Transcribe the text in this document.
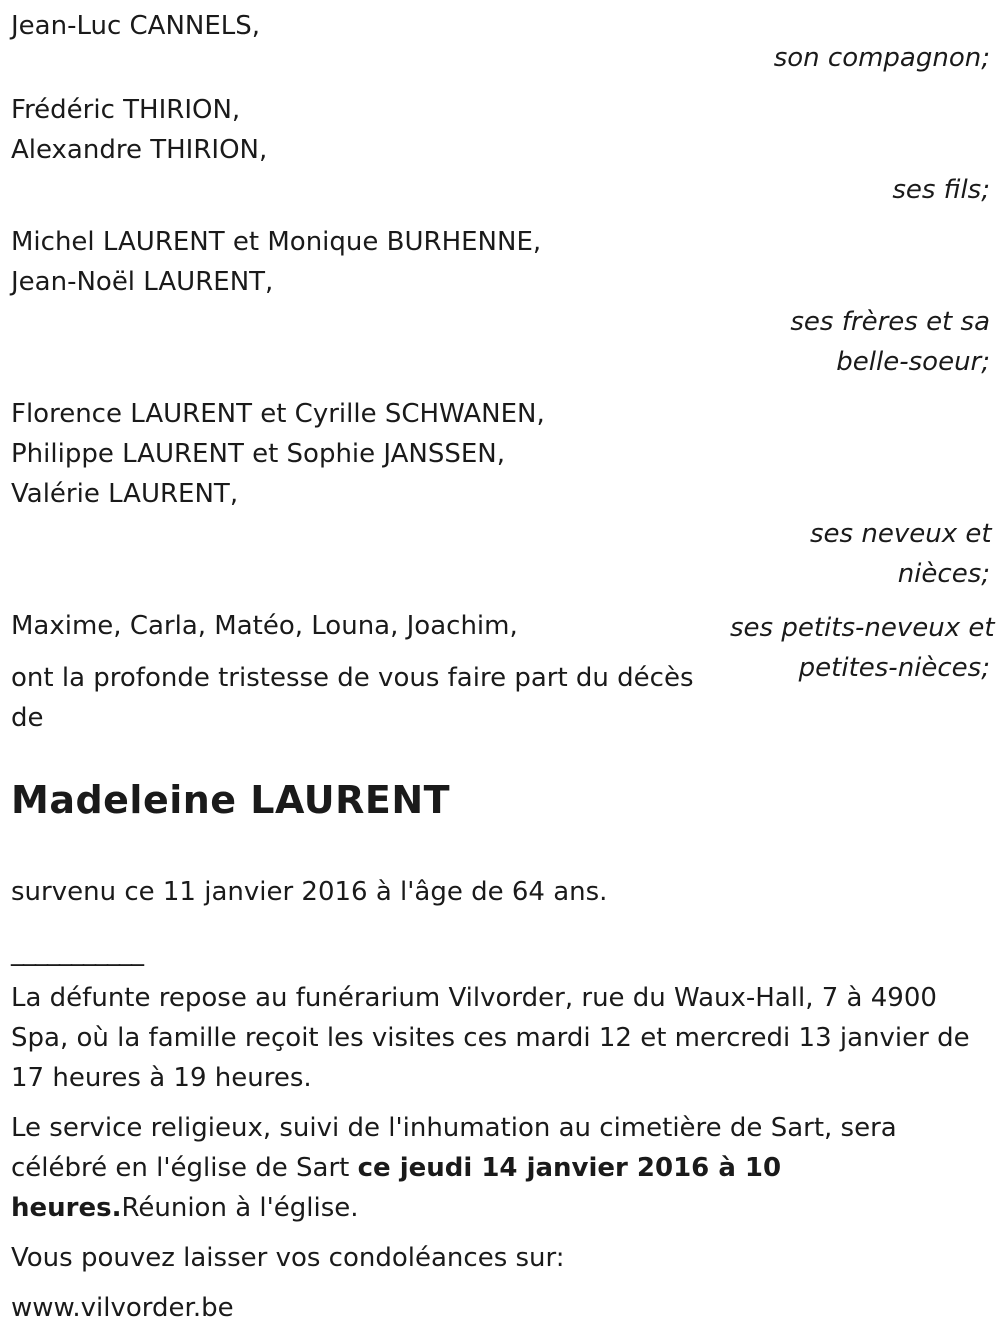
Jean-Luc CANNELS,
son compagnon;
Frédéric THIRION,
Alexandre THIRION,
ses fils;
Michel LAURENT et Monique BURHENNE,
Jean-Noël LAURENT,
ses frères et sa
belle-soeur;
Florence LAURENT et Cyrille SCHWANEN,
Philippe LAURENT et Sophie JANSSEN,
Valérie LAURENT,
ses neveux et
nièces;
Maxime, Carla, Matéo, Louna, Joachim,	ses petits-neveux et
petites-nièces;
ont la profonde tristesse de vous faire part du décès de
Madeleine LAURENT

survenu ce 11 janvier 2016 à l'âge de 64 ans.

___________

La défunte repose au funérarium Vilvorder, rue du Waux-Hall, 7 à 4900 Spa, où la famille reçoit les visites ces mardi 12 et mercredi 13 janvier de 17 heures à 19 heures.

Le service religieux, suivi de l'inhumation au cimetière de Sart, sera célébré en l'église de Sart ce jeudi 14 janvier 2016 à 10 heures.Réunion à l'église.

Vous pouvez laisser vos condoléances sur:

www.vilvorder.be
